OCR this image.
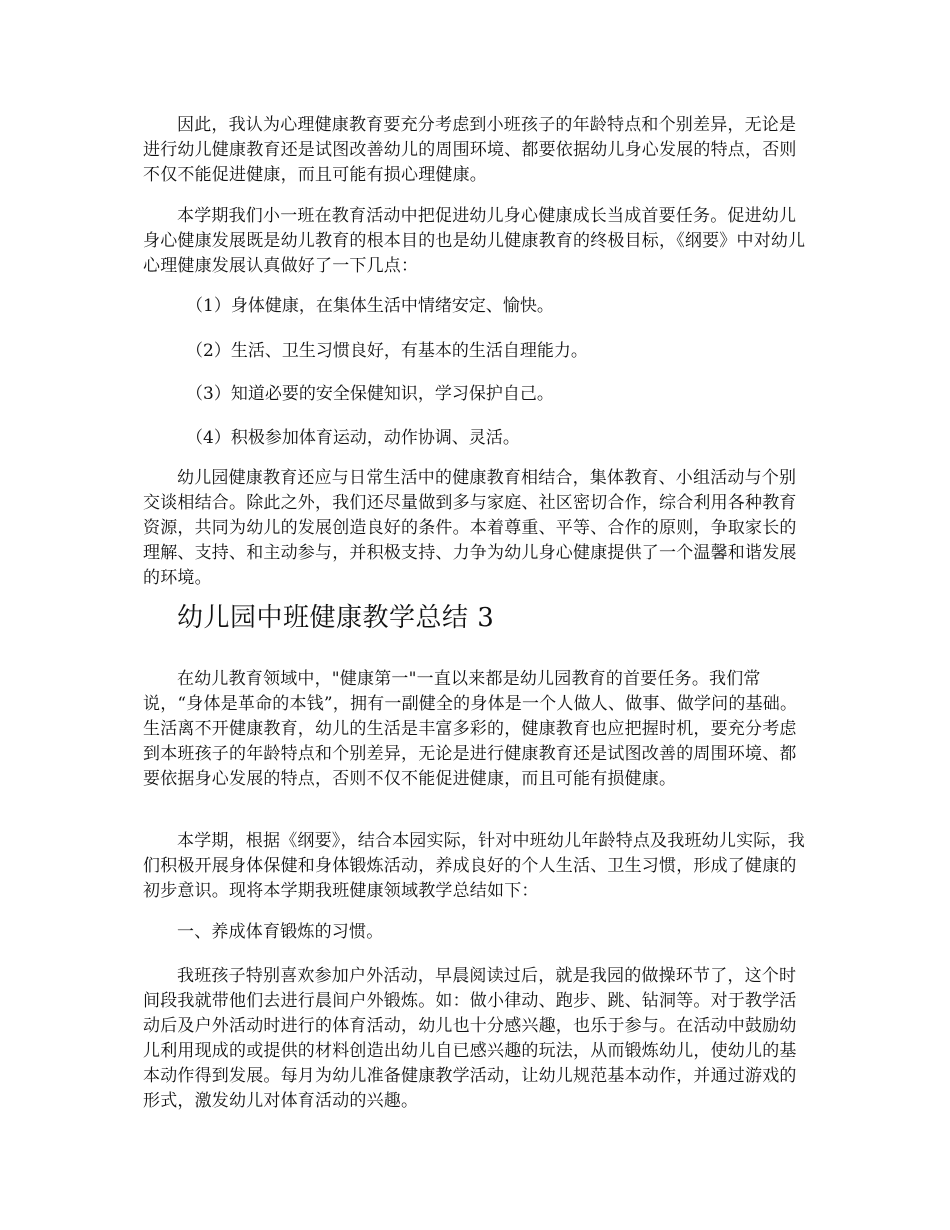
因此，我认为心理健康教育要充分考虑到小班孩子的年龄特点和个别差异，无论是进行幼儿健康教育还是试图改善幼儿的周围环境、都要依据幼儿身心发展的特点，否则不仅不能促进健康，而且可能有损心理健康。

本学期我们小一班在教育活动中把促进幼儿身心健康成长当成首要任务。促进幼儿身心健康发展既是幼儿教育的根本目的也是幼儿健康教育的终极目标，《纲要》中对幼儿心理健康发展认真做好了一下几点：

（1）身体健康，在集体生活中情绪安定、愉快。

（2）生活、卫生习惯良好，有基本的生活自理能力。

（3）知道必要的安全保健知识，学习保护自己。

（4）积极参加体育运动，动作协调、灵活。

幼儿园健康教育还应与日常生活中的健康教育相结合，集体教育、小组活动与个别交谈相结合。除此之外，我们还尽量做到多与家庭、社区密切合作，综合利用各种教育资源，共同为幼儿的发展创造良好的条件。本着尊重、平等、合作的原则，争取家长的理解、支持、和主动参与，并积极支持、力争为幼儿身心健康提供了一个温馨和谐发展的环境。

幼儿园中班健康教学总结 3

在幼儿教育领域中，"健康第一"一直以来都是幼儿园教育的首要任务。我们常说，“身体是革命的本钱”，拥有一副健全的身体是一个人做人、做事、做学问的基础。生活离不开健康教育，幼儿的生活是丰富多彩的，健康教育也应把握时机，要充分考虑到本班孩子的年龄特点和个别差异，无论是进行健康教育还是试图改善的周围环境、都要依据身心发展的特点，否则不仅不能促进健康，而且可能有损健康。

本学期，根据《纲要》，结合本园实际，针对中班幼儿年龄特点及我班幼儿实际，我们积极开展身体保健和身体锻炼活动，养成良好的个人生活、卫生习惯，形成了健康的初步意识。现将本学期我班健康领域教学总结如下：

一、养成体育锻炼的习惯。

我班孩子特别喜欢参加户外活动，早晨阅读过后，就是我园的做操环节了，这个时间段我就带他们去进行晨间户外锻炼。如：做小律动、跑步、跳、钻洞等。对于教学活动后及户外活动时进行的体育活动，幼儿也十分感兴趣，也乐于参与。在活动中鼓励幼儿利用现成的或提供的材料创造出幼儿自已感兴趣的玩法，从而锻炼幼儿，使幼儿的基本动作得到发展。每月为幼儿准备健康教学活动，让幼儿规范基本动作，并通过游戏的形式，激发幼儿对体育活动的兴趣。
